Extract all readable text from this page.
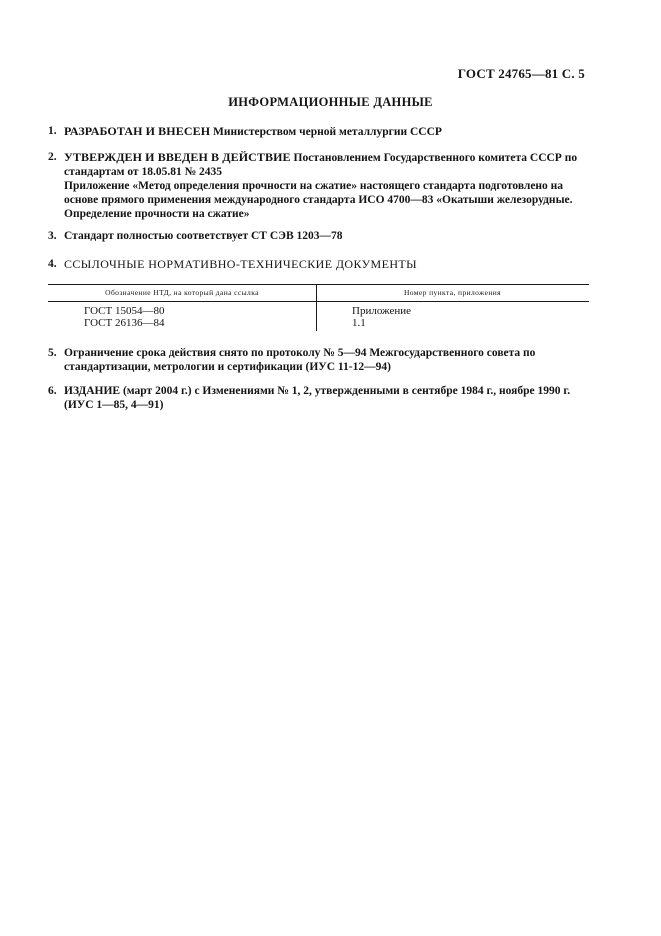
ГОСТ 24765—81 С. 5
ИНФОРМАЦИОННЫЕ ДАННЫЕ
1. РАЗРАБОТАН И ВНЕСЕН Министерством черной металлургии СССР
2. УТВЕРЖДЕН И ВВЕДЕН В ДЕЙСТВИЕ Постановлением Государственного комитета СССР по стандартам от 18.05.81 № 2435
Приложение «Метод определения прочности на сжатие» настоящего стандарта подготовлено на основе прямого применения международного стандарта ИСО 4700—83 «Окатыши железорудные. Определение прочности на сжатие»
3. Стандарт полностью соответствует СТ СЭВ 1203—78
4. ССЫЛОЧНЫЕ НОРМАТИВНО-ТЕХНИЧЕСКИЕ ДОКУМЕНТЫ
Обозначение НТД, на который дана ссылка	Номер пункта, приложения
ГОСТ 15054—80
ГОСТ 26136—84
Приложение
1.1
5. Ограничение срока действия снято по протоколу № 5—94 Межгосударственного совета по стандартизации, метрологии и сертификации (ИУС 11-12—94)
6. ИЗДАНИЕ (март 2004 г.) с Изменениями № 1, 2, утвержденными в сентябре 1984 г., ноябре 1990 г. (ИУС 1—85, 4—91)
